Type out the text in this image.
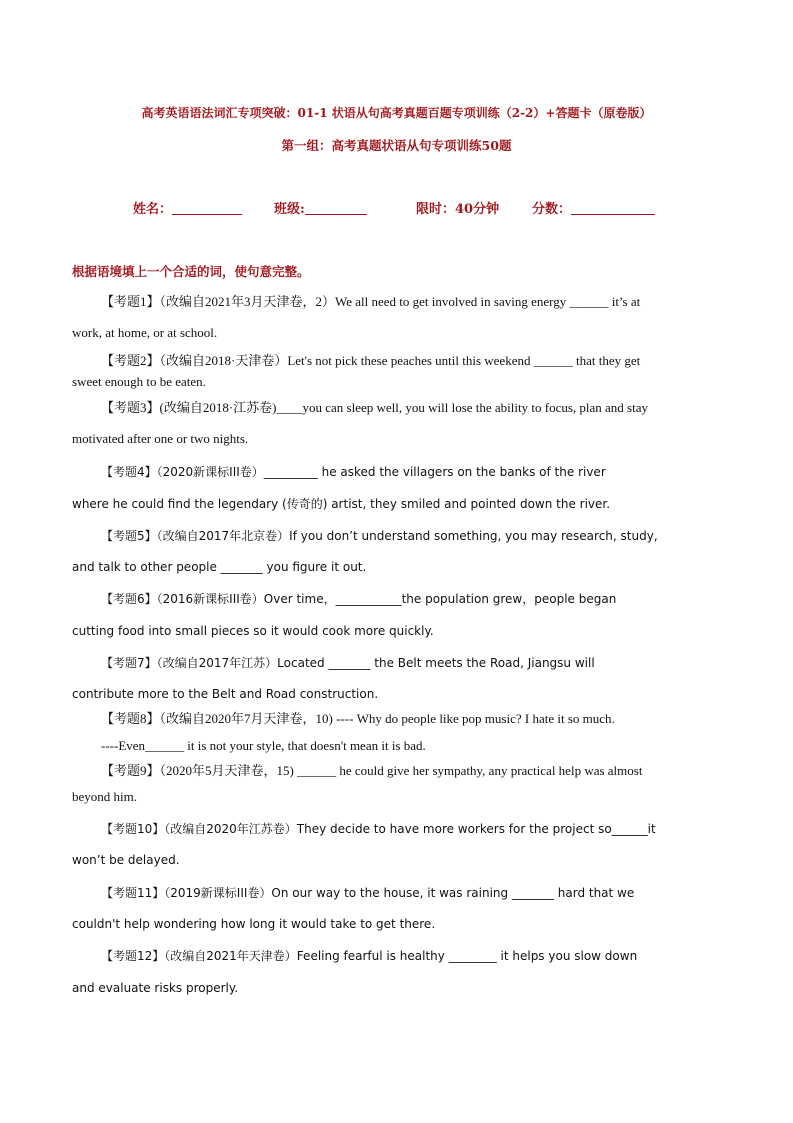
高考英语语法词汇专项突破：01-1 状语从句高考真题百题专项训练（2-2）+答题卡（原卷版）
第一组：高考真题状语从句专项训练50题
姓名：	班级:	限时：40分钟	分数：
根据语境填上一个合适的词，使句意完整。
【考题1】（改编自2021年3月天津卷，2）We all need to get involved in saving energy ______ it’s at
work, at home, or at school.
【考题2】（改编自2018·天津卷）Let's not pick these peaches until this weekend ______ that they get
sweet enough to be eaten.
【考题3】(改编自2018·江苏卷)____you can sleep well, you will lose the ability to focus, plan and stay
motivated after one or two nights.
【考题4】（2020新课标III卷）_________ he asked the villagers on the banks of the river
where he could find the legendary (传奇的) artist, they smiled and pointed down the river.
【考题5】（改编自2017年北京卷）If you don’t understand something, you may research, study,
and talk to other people _______ you figure it out.
【考题6】（2016新课标III卷）Over time，___________the population grew，people began
cutting food into small pieces so it would cook more quickly.
【考题7】（改编自2017年江苏）Located _______ the Belt meets the Road, Jiangsu will
contribute more to the Belt and Road construction.
【考题8】（改编自2020年7月天津卷，10) ---- Why do people like pop music? I hate it so much.
----Even______ it is not your style, that doesn't mean it is bad.
【考题9】（2020年5月天津卷，15) ______ he could give her sympathy, any practical help was almost
beyond him.
【考题10】（改编自2020年江苏卷）They decide to have more workers for the project so______it
won’t be delayed.
【考题11】（2019新课标III卷）On our way to the house, it was raining _______ hard that we
couldn't help wondering how long it would take to get there.
【考题12】（改编自2021年天津卷）Feeling fearful is healthy ________ it helps you slow down
and evaluate risks properly.
